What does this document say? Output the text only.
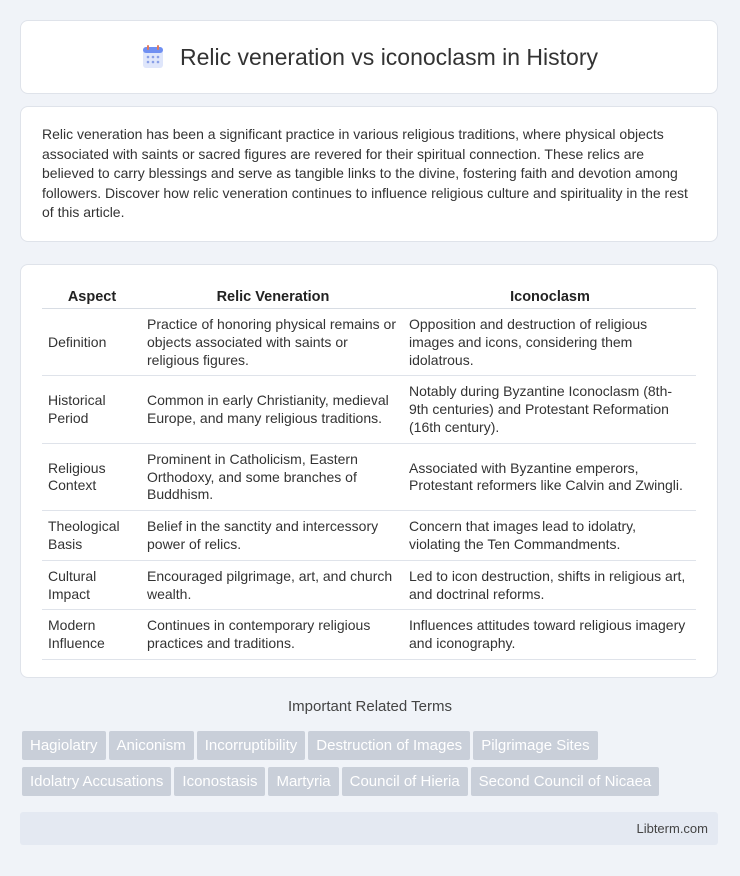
Relic veneration vs iconoclasm in History

Relic veneration has been a significant practice in various religious traditions, where physical objects associated with saints or sacred figures are revered for their spiritual connection. These relics are believed to carry blessings and serve as tangible links to the divine, fostering faith and devotion among followers. Discover how relic veneration continues to influence religious culture and spirituality in the rest of this article.

Aspect	Relic Veneration	Iconoclasm
Definition	Practice of honoring physical remains or objects associated with saints or religious figures.	Opposition and destruction of religious images and icons, considering them idolatrous.
Historical Period	Common in early Christianity, medieval Europe, and many religious traditions.	Notably during Byzantine Iconoclasm (8th-9th centuries) and Protestant Reformation (16th century).
Religious Context	Prominent in Catholicism, Eastern Orthodoxy, and some branches of Buddhism.	Associated with Byzantine emperors, Protestant reformers like Calvin and Zwingli.
Theological Basis	Belief in the sanctity and intercessory power of relics.	Concern that images lead to idolatry, violating the Ten Commandments.
Cultural Impact	Encouraged pilgrimage, art, and church wealth.	Led to icon destruction, shifts in religious art, and doctrinal reforms.
Modern Influence	Continues in contemporary religious practices and traditions.	Influences attitudes toward religious imagery and iconography.
Important Related Terms
Hagiolatry Aniconism Incorruptibility Destruction of Images Pilgrimage Sites
Idolatry Accusations Iconostasis Martyria Council of Hieria Second Council of Nicaea
Libterm.com
